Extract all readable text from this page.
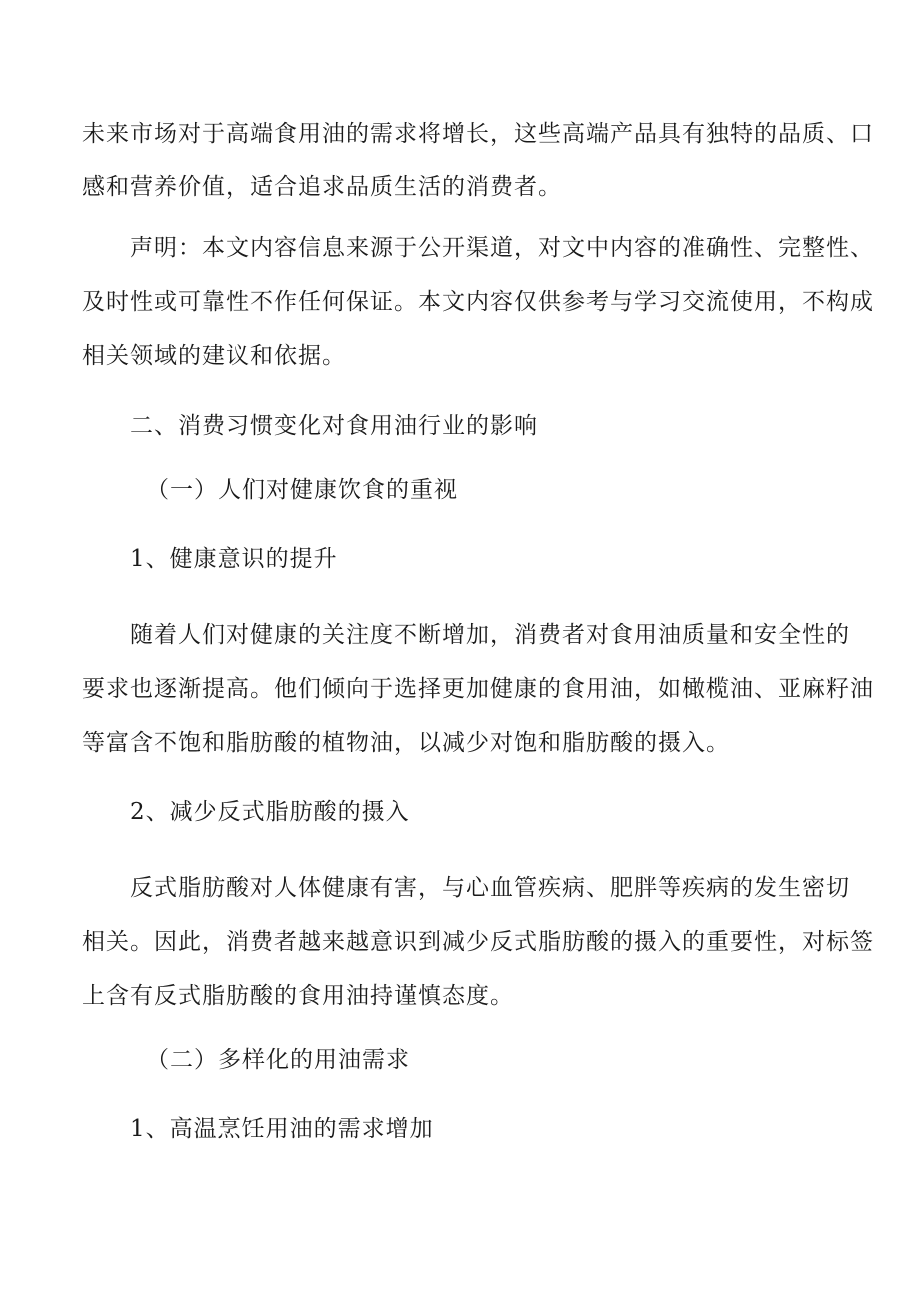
未来市场对于高端食用油的需求将增长，这些高端产品具有独特的品质、口
感和营养价值，适合追求品质生活的消费者。
声明：本文内容信息来源于公开渠道，对文中内容的准确性、完整性、
及时性或可靠性不作任何保证。本文内容仅供参考与学习交流使用，不构成
相关领域的建议和依据。
二、消费习惯变化对食用油行业的影响
（一）人们对健康饮食的重视
1、健康意识的提升
随着人们对健康的关注度不断增加，消费者对食用油质量和安全性的
要求也逐渐提高。他们倾向于选择更加健康的食用油，如橄榄油、亚麻籽油
等富含不饱和脂肪酸的植物油，以减少对饱和脂肪酸的摄入。
2、减少反式脂肪酸的摄入
反式脂肪酸对人体健康有害，与心血管疾病、肥胖等疾病的发生密切
相关。因此，消费者越来越意识到减少反式脂肪酸的摄入的重要性，对标签
上含有反式脂肪酸的食用油持谨慎态度。
（二）多样化的用油需求
1、高温烹饪用油的需求增加
